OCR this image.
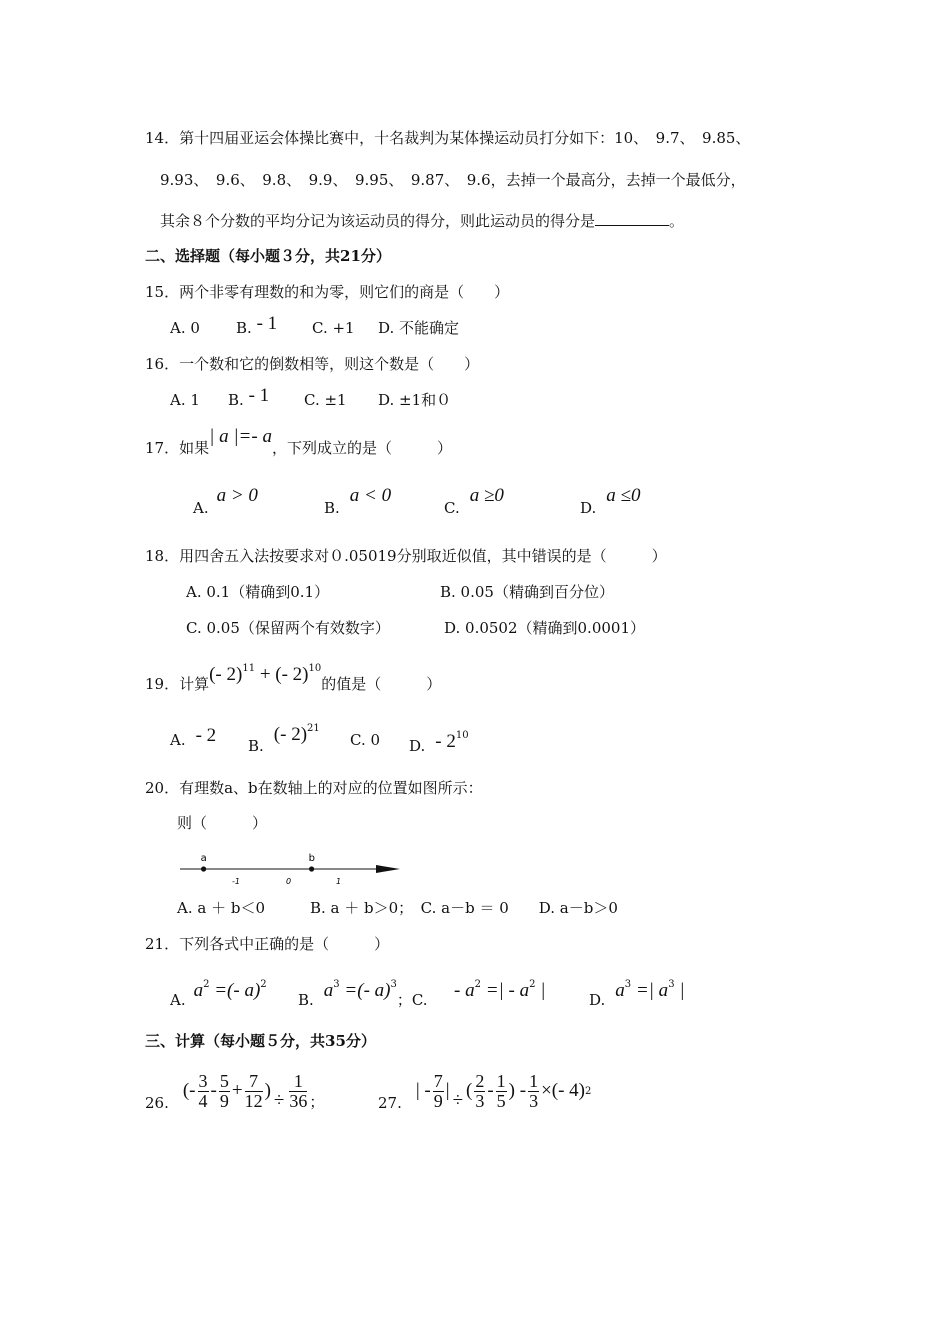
14．第十四届亚运会体操比赛中，十名裁判为某体操运动员打分如下：10、　9.7、　9.85、
9.93、　9.6、　9.8、　9.9、　9.95、　9.87、　9.6，去掉一个最高分，去掉一个最低分，
其余８个分数的平均分记为该运动员的得分，则此运动员的得分是	。
二、选择题（每小题３分，共21分）
15．两个非零有理数的和为零，则它们的商是（　　）
A. 0 B. - 1 C. +1 D. 不能确定
16．一个数和它的倒数相等，则这个数是（　　）
A. 1 B. - 1 C. ±1 D. ±1和０
17．如果| a |=- a，下列成立的是（　　　）
A.a > 0
B.a < 0
C.a ≥0
D.a ≤0
18．用四舍五入法按要求对０.05019分别取近似值，其中错误的是（　　　）
A. 0.1（精确到0.1）	B. 0.05（精确到百分位）
C. 0.05（保留两个有效数字）	D. 0.0502（精确到0.0001）
19．计算(- 2)$^{11}$ + (- 2)$^{10}$的值是（　　　）
A. - 2 B.(- 2)$^{21}$
C. 0 D. - $2^{10}$
20．有理数a、b在数轴上的对应的位置如图所示：
则（　　　）
a	b
-1	0	1
A. a ＋ b＜0　　　B. a ＋ b＞0；　C. a－b ＝ 0　　D. a－b＞0
21．下列各式中正确的是（　　　）
A. $a^2$ =(- a)$^2$
B. $a^3$ =(- a)$^3$；C. - $a^2$ =| - $a^2$ |	D. $a^3$ =| $a^3$ |
三、计算（每小题５分，共35分）
26.
(- $\frac{3}{4} - \frac{5}{9} + \frac{7}{12}$ ) ÷ $\frac{1}{36}$ ；	27.
| - $\frac{7}{9}$ | ÷ ( $\frac{2}{3} - \frac{1}{5}$ ) - $\frac{1}{3}$ ×(- 4) 2
